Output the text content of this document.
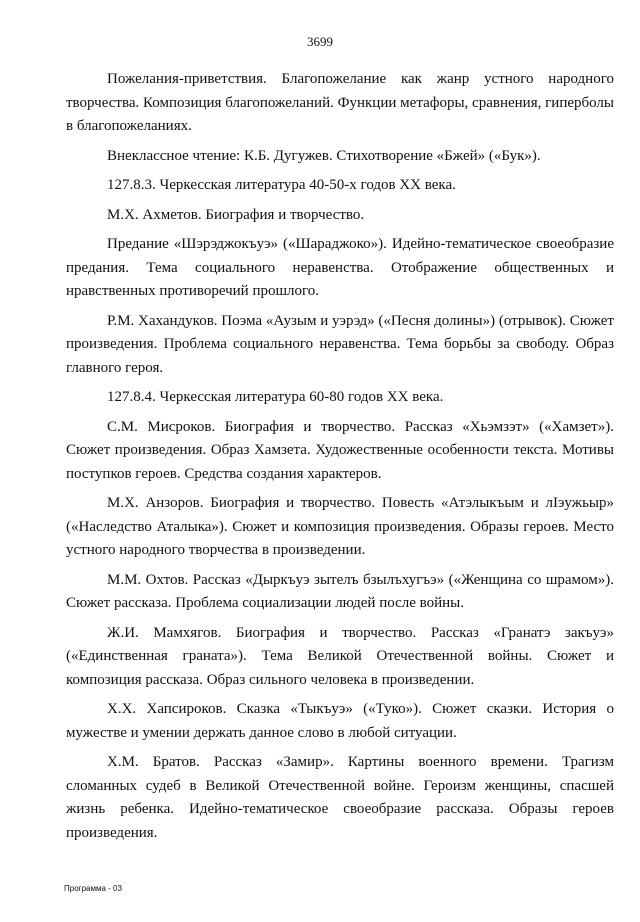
3699

Пожелания-приветствия. Благопожелание как жанр устного народного творчества. Композиция благопожеланий. Функции метафоры, сравнения, гиперболы в благопожеланиях.

Внеклассное чтение: К.Б. Дугужев. Стихотворение «Бжей» («Бук»).

127.8.3. Черкесская литература 40-50-х годов XX века.

М.Х. Ахметов. Биография и творчество.

Предание «Шэрэджокъуэ» («Шараджоко»). Идейно-тематическое своеобразие предания. Тема социального неравенства. Отображение общественных и нравственных противоречий прошлого.

Р.М. Хахандуков. Поэма «Аузым и уэрэд» («Песня долины») (отрывок). Сюжет произведения. Проблема социального неравенства. Тема борьбы за свободу. Образ главного героя.

127.8.4. Черкесская литература 60-80 годов XX века.

С.М. Мисроков. Биография и творчество. Рассказ «Хьэмзэт» («Хамзет»). Сюжет произведения. Образ Хамзета. Художественные особенности текста. Мотивы поступков героев. Средства создания характеров.

М.Х. Анзоров. Биография и творчество. Повесть «Атэлыкъым и лІэужьыр» («Наследство Аталыка»). Сюжет и композиция произведения. Образы героев. Место устного народного творчества в произведении.

М.М. Охтов. Рассказ «Дыркъуэ зытелъ бзылъхугъэ» («Женщина со шрамом»). Сюжет рассказа. Проблема социализации людей после войны.

Ж.И. Мамхягов. Биография и творчество. Рассказ «Гранатэ закъуэ» («Единственная граната»). Тема Великой Отечественной войны. Сюжет и композиция рассказа. Образ сильного человека в произведении.

Х.Х. Хапсироков. Сказка «Тыкъуэ» («Туко»). Сюжет сказки. История о мужестве и умении держать данное слово в любой ситуации.

Х.М. Братов. Рассказ «Замир». Картины военного времени. Трагизм сломанных судеб в Великой Отечественной войне. Героизм женщины, спасшей жизнь ребенка. Идейно-тематическое своеобразие рассказа. Образы героев произведения.

Программа - 03
